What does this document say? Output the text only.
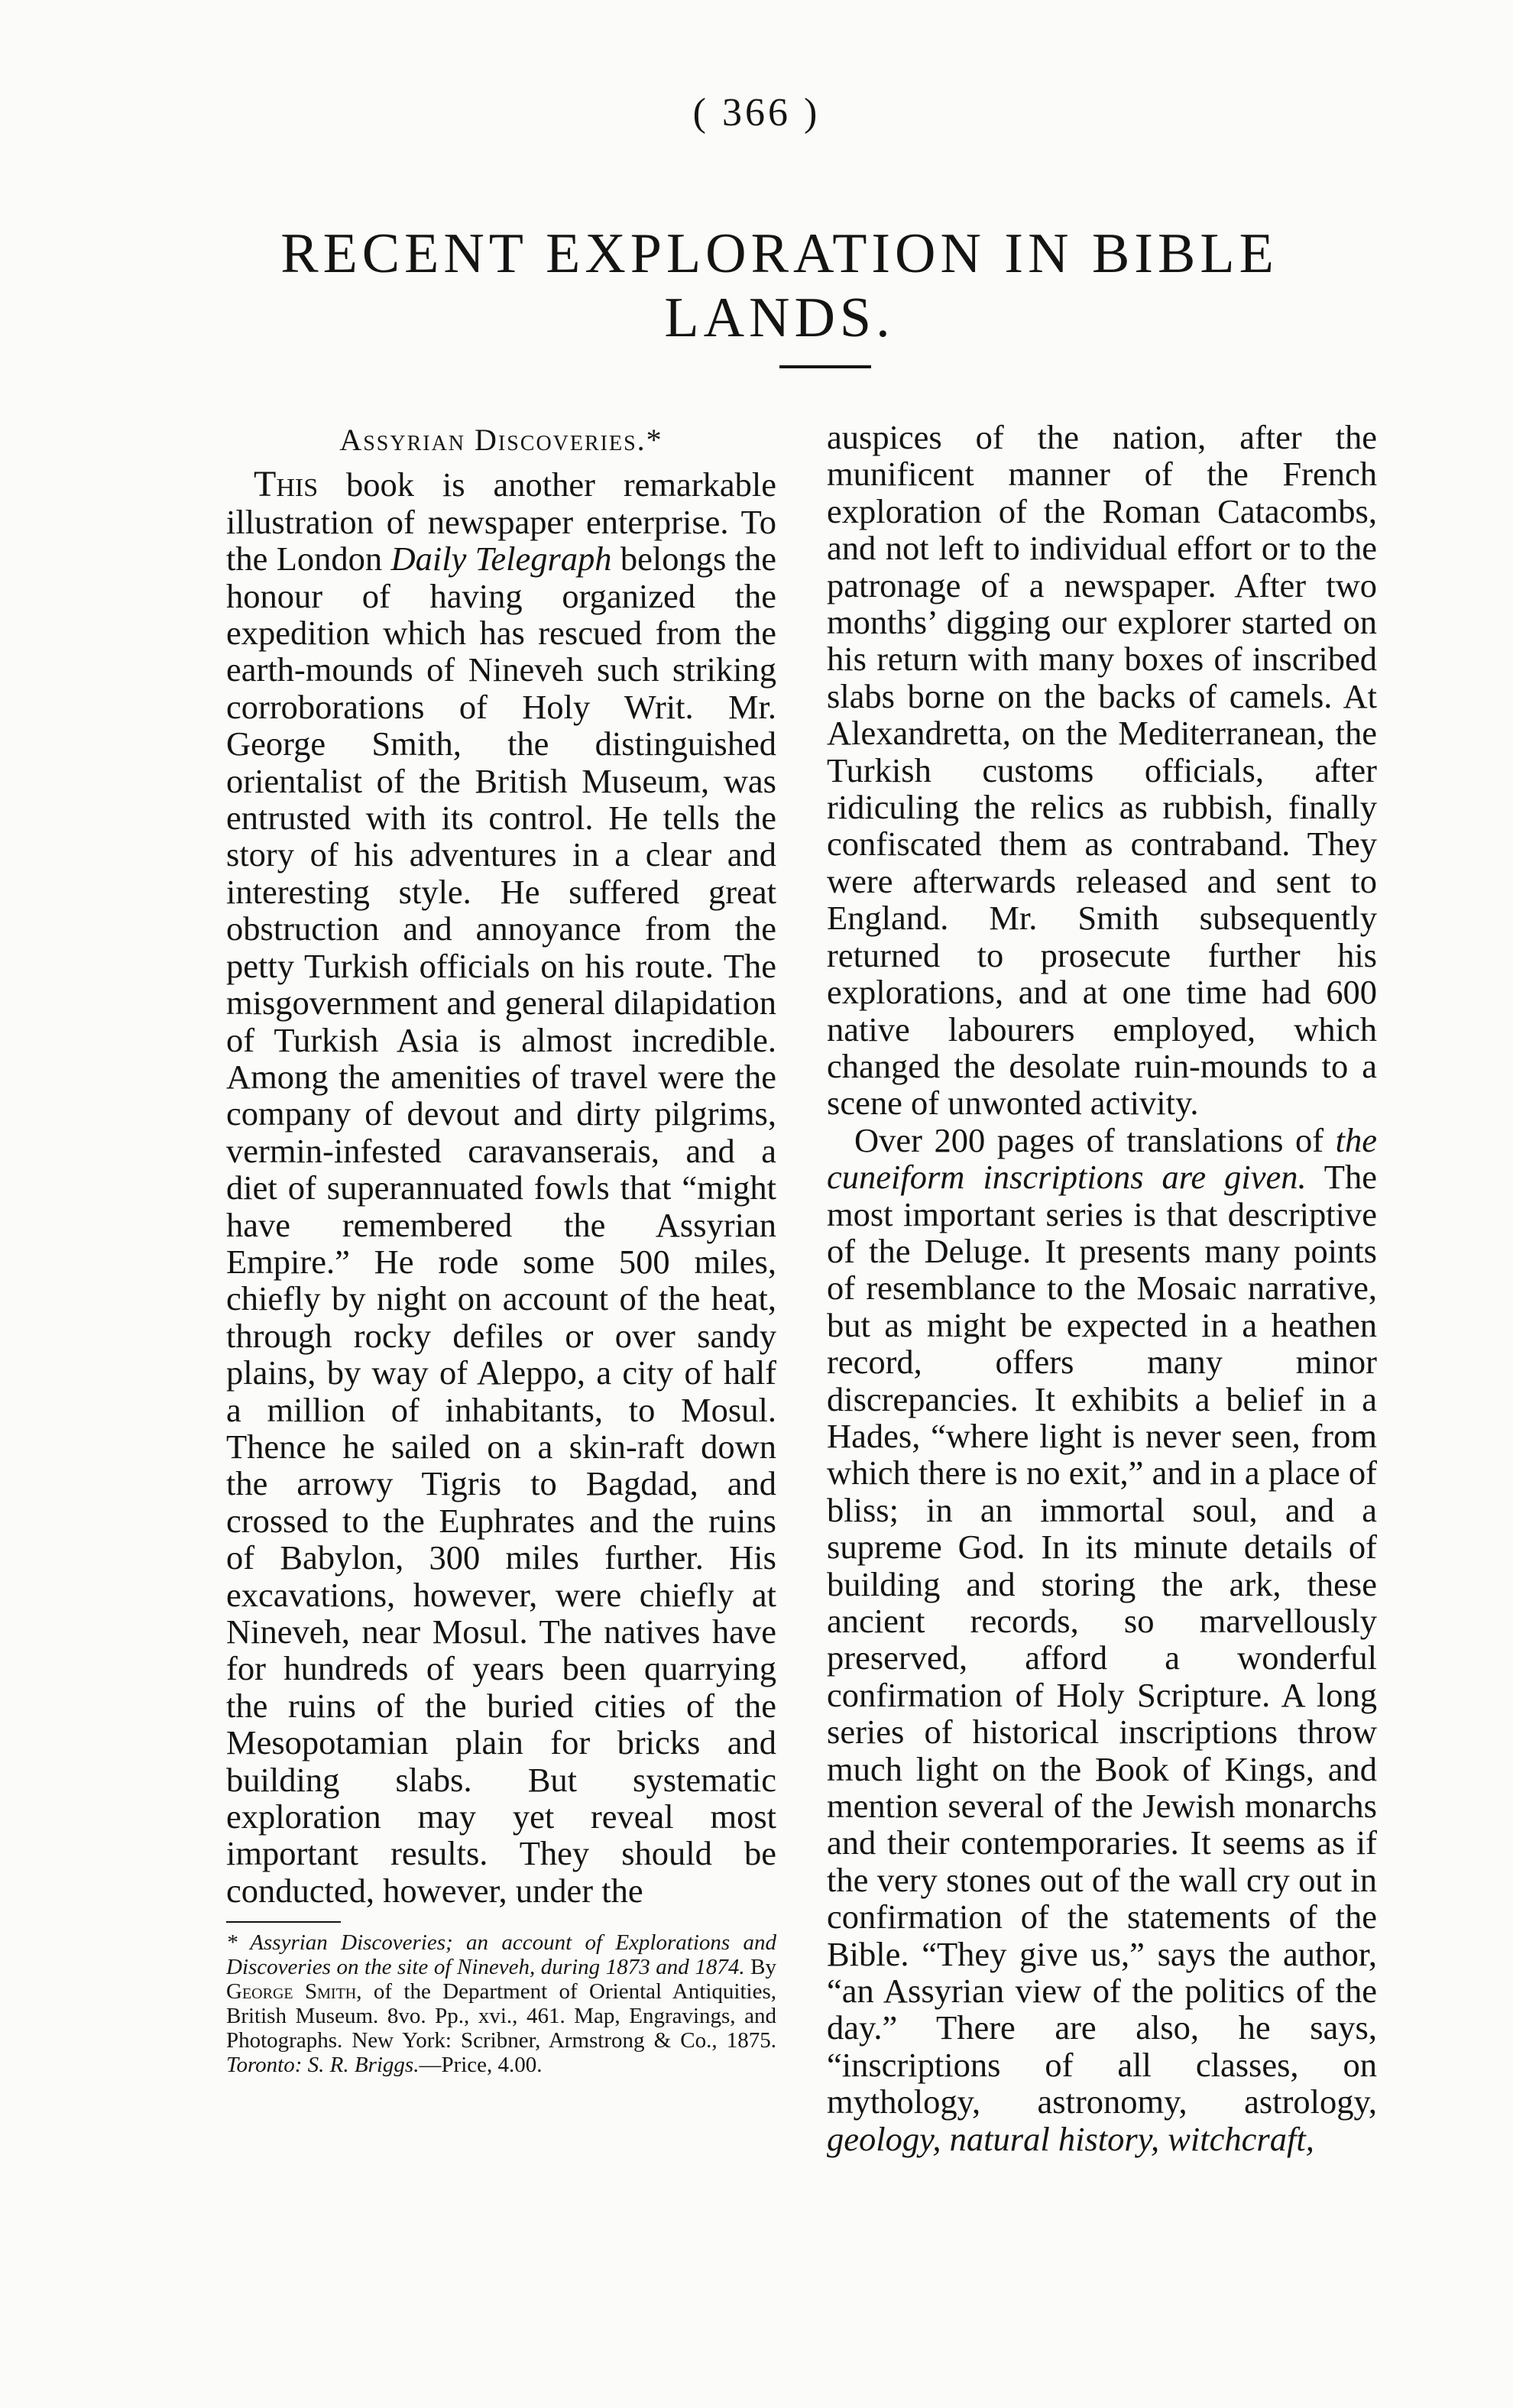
( 366 )
RECENT EXPLORATION IN BIBLE LANDS.
Assyrian Discoveries.*

This book is another remarkable illustration of newspaper enterprise. To the London Daily Telegraph belongs the honour of having organized the expedition which has rescued from the earth-mounds of Nineveh such striking corroborations of Holy Writ. Mr. George Smith, the distinguished orientalist of the British Museum, was entrusted with its control. He tells the story of his adventures in a clear and interesting style. He suffered great obstruction and annoyance from the petty Turkish officials on his route. The misgovernment and general dilapidation of Turkish Asia is almost incredible. Among the amenities of travel were the company of devout and dirty pilgrims, vermin-infested caravanserais, and a diet of superannuated fowls that “might have remembered the Assyrian Empire.” He rode some 500 miles, chiefly by night on account of the heat, through rocky defiles or over sandy plains, by way of Aleppo, a city of half a million of inhabitants, to Mosul. Thence he sailed on a skin-raft down the arrowy Tigris to Bagdad, and crossed to the Euphrates and the ruins of Babylon, 300 miles further. His excavations, however, were chiefly at Nineveh, near Mosul. The natives have for hundreds of years been quarrying the ruins of the buried cities of the Mesopotamian plain for bricks and building slabs. But systematic exploration may yet reveal most important results. They should be conducted, however, under the

* Assyrian Discoveries; an account of Explorations and Discoveries on the site of Nineveh, during 1873 and 1874. By George Smith, of the Department of Oriental Antiquities, British Museum. 8vo. Pp., xvi., 461. Map, Engravings, and Photographs. New York: Scribner, Armstrong & Co., 1875. Toronto: S. R. Briggs.—Price, 4.00.

auspices of the nation, after the munificent manner of the French exploration of the Roman Catacombs, and not left to individual effort or to the patronage of a newspaper. After two months’ digging our explorer started on his return with many boxes of inscribed slabs borne on the backs of camels. At Alexandretta, on the Mediterranean, the Turkish customs officials, after ridiculing the relics as rubbish, finally confiscated them as contraband. They were afterwards released and sent to England. Mr. Smith subsequently returned to prosecute further his explorations, and at one time had 600 native labourers employed, which changed the desolate ruin-mounds to a scene of unwonted activity.

Over 200 pages of translations of the cuneiform inscriptions are given. The most important series is that descriptive of the Deluge. It presents many points of resemblance to the Mosaic narrative, but as might be expected in a heathen record, offers many minor discrepancies. It exhibits a belief in a Hades, “where light is never seen, from which there is no exit,” and in a place of bliss; in an immortal soul, and a supreme God. In its minute details of building and storing the ark, these ancient records, so marvellously preserved, afford a wonderful confirmation of Holy Scripture. A long series of historical inscriptions throw much light on the Book of Kings, and mention several of the Jewish monarchs and their contemporaries. It seems as if the very stones out of the wall cry out in confirmation of the statements of the Bible. “They give us,” says the author, “an Assyrian view of the politics of the day.” There are also, he says, “inscriptions of all classes, on mythology, astronomy, astrology, geology, natural history, witchcraft,
